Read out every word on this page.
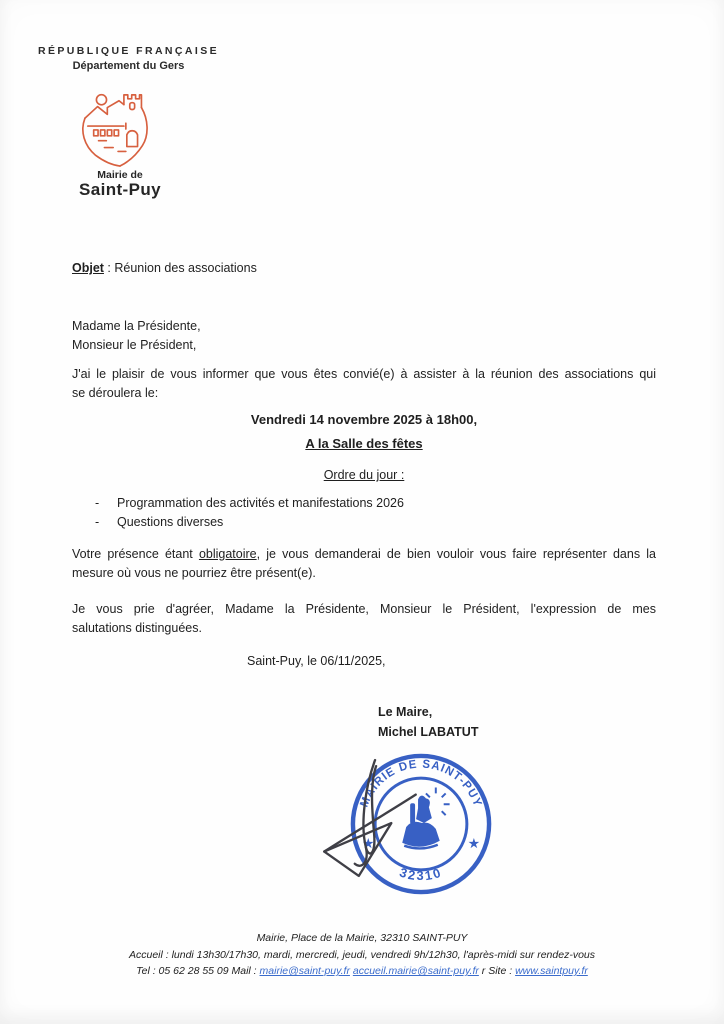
RÉPUBLIQUE FRANÇAISE
Département du Gers
Mairie de
Saint-Puy
Objet : Réunion des associations
Madame la Présidente,
Monsieur le Président,
J'ai le plaisir de vous informer que vous êtes convié(e) à assister à la réunion des associations qui
se déroulera le:
Vendredi 14 novembre 2025 à 18h00,
A la Salle des fêtes
Ordre du jour :
-	Programmation des activités et manifestations 2026
-	Questions diverses
Votre présence étant obligatoire, je vous demanderai de bien vouloir vous faire représenter dans la
mesure où vous ne pourriez être présent(e).
Je vous prie d'agréer, Madame la Présidente, Monsieur le Président, l'expression de mes
salutations distinguées.
Saint-Puy, le 06/11/2025,
Le Maire,
Michel LABATUT
MAIRIE DE SAINT-PUY
32310
★	★
Mairie, Place de la Mairie, 32310 SAINT-PUY
Accueil : lundi 13h30/17h30, mardi, mercredi, jeudi, vendredi 9h/12h30, l'après-midi sur rendez-vous
Tel : 05 62 28 55 09 Mail : mairie@saint-puy.fr accueil.mairie@saint-puy.fr r Site : www.saintpuy.fr
